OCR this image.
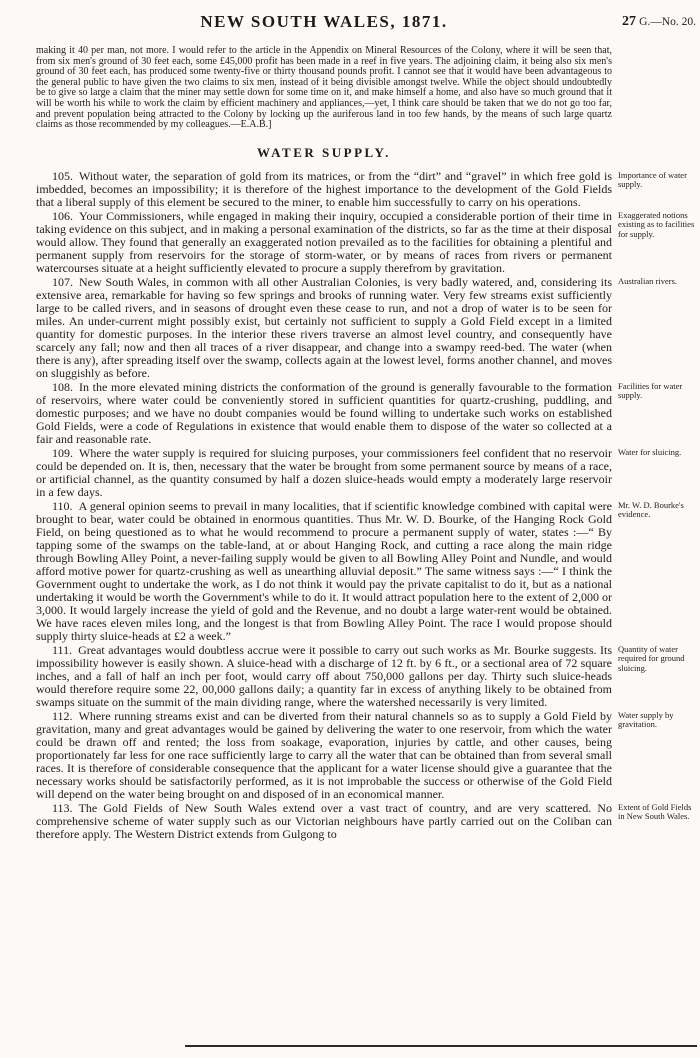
NEW SOUTH WALES, 1871.	27 G.—No. 20.

making it 40 per man, not more. I would refer to the article in the Appendix on Mineral Resources of the Colony, where it will be seen that, from six men's ground of 30 feet each, some £45,000 profit has been made in a reef in five years. The adjoining claim, it being also six men's ground of 30 feet each, has produced some twenty-five or thirty thousand pounds profit. I cannot see that it would have been advantageous to the general public to have given the two claims to six men, instead of it being divisible amongst twelve. While the object should undoubtedly be to give so large a claim that the miner may settle down for some time on it, and make himself a home, and also have so much ground that it will be worth his while to work the claim by efficient machinery and appliances,—yet, I think care should be taken that we do not go too far, and prevent population being attracted to the Colony by locking up the auriferous land in too few hands, by the means of such large quartz claims as those recommended by my colleagues.—E.A.B.]

WATER SUPPLY.

105. Without water, the separation of gold from its matrices, or from the “dirt” and “gravel” in which free gold is imbedded, becomes an impossibility; it is therefore of the highest importance to the development of the Gold Fields that a liberal supply of this element be secured to the miner, to enable him successfully to carry on his operations.

Importance of water supply.

106. Your Commissioners, while engaged in making their inquiry, occupied a considerable portion of their time in taking evidence on this subject, and in making a personal examination of the districts, so far as the time at their disposal would allow. They found that generally an exaggerated notion prevailed as to the facilities for obtaining a plentiful and permanent supply from reservoirs for the storage of storm-water, or by means of races from rivers or permanent watercourses situate at a height sufficiently elevated to procure a supply therefrom by gravitation.

Exaggerated notions existing as to facilities for supply.

107. New South Wales, in common with all other Australian Colonies, is very badly watered, and, considering its extensive area, remarkable for having so few springs and brooks of running water. Very few streams exist sufficiently large to be called rivers, and in seasons of drought even these cease to run, and not a drop of water is to be seen for miles. An under-current might possibly exist, but certainly not sufficient to supply a Gold Field except in a limited quantity for domestic purposes. In the interior these rivers traverse an almost level country, and consequently have scarcely any fall; now and then all traces of a river disappear, and change into a swampy reed-bed. The water (when there is any), after spreading itself over the swamp, collects again at the lowest level, forms another channel, and moves on sluggishly as before.

Australian rivers.

108. In the more elevated mining districts the conformation of the ground is generally favourable to the formation of reservoirs, where water could be conveniently stored in sufficient quantities for quartz-crushing, puddling, and domestic purposes; and we have no doubt companies would be found willing to undertake such works on established Gold Fields, were a code of Regulations in existence that would enable them to dispose of the water so collected at a fair and reasonable rate.

Facilities for water supply.

109. Where the water supply is required for sluicing purposes, your commissioners feel confident that no reservoir could be depended on. It is, then, necessary that the water be brought from some permanent source by means of a race, or artificial channel, as the quantity consumed by half a dozen sluice-heads would empty a moderately large reservoir in a few days.

Water for sluicing.

110. A general opinion seems to prevail in many localities, that if scientific knowledge combined with capital were brought to bear, water could be obtained in enormous quantities. Thus Mr. W. D. Bourke, of the Hanging Rock Gold Field, on being questioned as to what he would recommend to procure a permanent supply of water, states :—“ By tapping some of the swamps on the table-land, at or about Hanging Rock, and cutting a race along the main ridge through Bowling Alley Point, a never-failing supply would be given to all Bowling Alley Point and Nundle, and would afford motive power for quartz-crushing as well as unearthing alluvial deposit.” The same witness says :—“ I think the Government ought to undertake the work, as I do not think it would pay the private capitalist to do it, but as a national undertaking it would be worth the Government's while to do it. It would attract population here to the extent of 2,000 or 3,000. It would largely increase the yield of gold and the Revenue, and no doubt a large water-rent would be obtained. We have races eleven miles long, and the longest is that from Bowling Alley Point. The race I would propose should supply thirty sluice-heads at £2 a week.”

Mr. W. D. Bourke's evidence.

111. Great advantages would doubtless accrue were it possible to carry out such works as Mr. Bourke suggests. Its impossibility however is easily shown. A sluice-head with a discharge of 12 ft. by 6 ft., or a sectional area of 72 square inches, and a fall of half an inch per foot, would carry off about 750,000 gallons per day. Thirty such sluice-heads would therefore require some 22, 00,000 gallons daily; a quantity far in excess of anything likely to be obtained from swamps situate on the summit of the main dividing range, where the watershed necessarily is very limited.

Quantity of water required for ground sluicing.

112. Where running streams exist and can be diverted from their natural channels so as to supply a Gold Field by gravitation, many and great advantages would be gained by delivering the water to one reservoir, from which the water could be drawn off and rented; the loss from soakage, evaporation, injuries by cattle, and other causes, being proportionately far less for one race sufficiently large to carry all the water that can be obtained than from several small races. It is therefore of considerable consequence that the applicant for a water license should give a guarantee that the necessary works should be satisfactorily performed, as it is not improbable the success or otherwise of the Gold Field will depend on the water being brought on and disposed of in an economical manner.

Water supply by gravitation.

113. The Gold Fields of New South Wales extend over a vast tract of country, and are very scattered. No comprehensive scheme of water supply such as our Victorian neighbours have partly carried out on the Coliban can therefore apply. The Western District extends from Gulgong to

Extent of Gold Fields in New South Wales.
